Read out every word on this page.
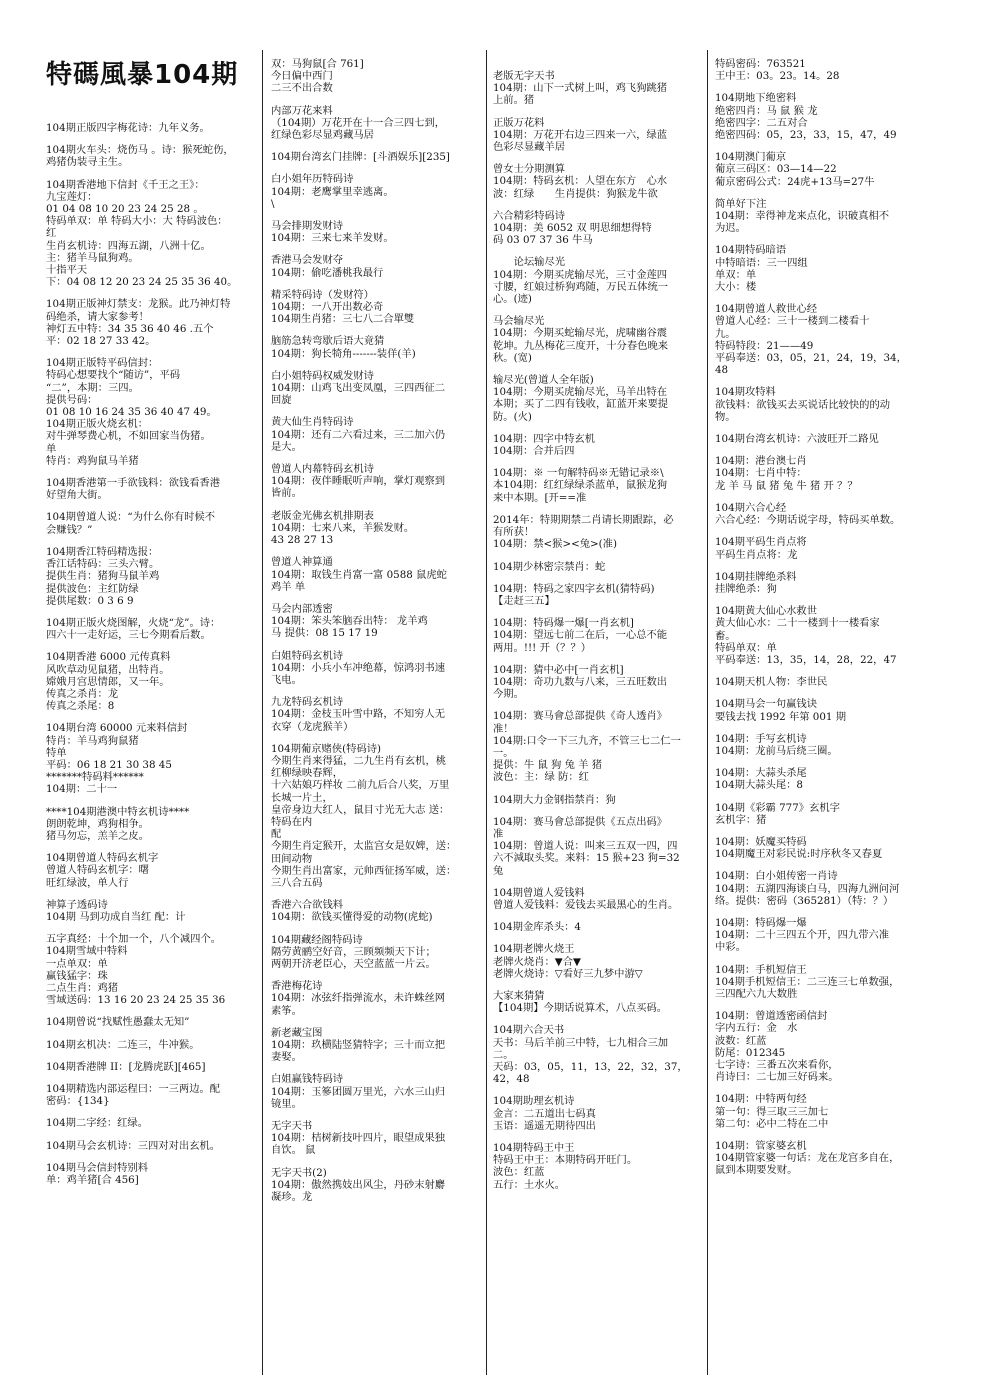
特碼風暴104期
104期正版四字梅花诗：九年义务。
104期火车头：烧伤马 。诗：猴死蛇伤，
鸡猪伪装寻主生。
104期香港地下信封《千王之王》：
九宝莲灯：
01 04 08 10 20 23 24 25 28 。
特码单双：单 特码大小：大 特码波色：
红
生肖玄机诗：四海五湖，八洲十亿。
主：猪羊马鼠狗鸡。
十指平天
下：04 08 12 20 23 24 25 35 36 40。
104期正版神灯禁支：龙猴。此乃神灯特
码绝杀，请大家参考！
神灯五中特：34 35 36 40 46 .五个
平：02 18 27 33 42。
104期正版特平码信封：
特码心想要找个“随访”，平码
“二”，本期：三四。
提供号码：
01 08 10 16 24 35 36 40 47 49。
104期正版火烧玄机：
对牛弹琴费心机，不如回家当伪猪。
单
特肖：鸡狗鼠马羊猪
104期香港第一手欲钱料：欲钱看香港
好望角大街。
104期曾道人说：“为什么你有时候不
会赚钱？”
104期香江特码精选报：
香江话特码：三头六臂。
提供生肖：猪狗马鼠羊鸡
提供波色：主红防绿
提供尾数：0 3 6 9
104期正版火烧图解，火烧“龙”。诗：
四六十一走好运，三七今期看后数。
104期香港 6000 元传真料
风吹草动见鼠猪，出特肖。
嫦娥月宫思情郎，又一年。
传真之杀肖：龙
传真之杀尾：8
104期台湾 60000 元来料信封
特肖：羊马鸡狗鼠猪
特单
平码：06 18 21 30 38 45
*******特码料******
104期：二十一
****104期港澳中特玄机诗****
朗朗乾坤，鸡狗相争。
猪马勿忘，羔羊之皮。
104期曾道人特码玄机字
曾道人特码玄机字：曙
旺红绿波，单人行
神算子透码诗
104期 马到功成自当红 配：计
五字真经：十个加一个，八个减四个。
104期雪域中特料
一点单双：单
赢钱猛字：珠
二点生肖：鸡猪
雪域送码：13 16 20 23 24 25 35 36
104期曾说“找赋性愚蠢太无知”
104期玄机决：二连三，牛冲猴。
104期香港牌 II：[龙腾虎跃][465]
104期精选内部运程曰：一三两边。配
密码：{134}
104期二字经：红绿。
104期马会玄机诗：三四对对出玄机。
104期马会信封特别料
单：鸡羊猪[合 456]
双：马狗鼠[合 761]
今日偏中西门
二三不出合数
内部万花来料
（104期）万花开在十一合三四七到，
红绿色彩尽显鸡藏马居
104期台湾玄门挂牌：[斗酒娱乐][235]
白小姐年历特码诗
104期：老鹰掌里幸逃离。
\
马会排期发财诗
104期：三来七来羊发财。
香港马会发财夺
104期：偷吃潘桃我最行
精采特码诗（发财符）
104期：一八开出数必奇
104期生肖猪：三七八二合單雙
脑筋急转弯歇后语大竟猜
104期：狗长犄角-------装佯(羊)
白小姐特码权威发财诗
104期：山鸡飞出变凤凰，三四西征二
回旋
黄大仙生肖特码诗
104期：还有二六看过来，三二加六仍
是大。
曾道人内幕特码玄机诗
104期：夜伴睡眠听声响，掌灯观察到
皆前。
老版金光佛玄机排期表
104期：七来八来，羊猴发财。
43 28 27 13
曾道人神算通
104期：取钱生肖富一富 0588 鼠虎蛇
鸡羊 单
马会内部透密
104期：笨头笨脑吞出特： 龙羊鸡
马 提供：08 15 17 19
白姐特码玄机诗
104期：小兵小车冲绝幕，惊鸿羽书速
飞电。
九龙特码玄机诗
104期：金枝玉叶雪中路，不知穷人无
衣穿（龙虎猴羊）
104期葡京赌侠(特码诗)
今期生肖来得猛，二九生肖有玄机，桃
红柳绿映春辉，
十六姑娘巧样妆 二前九后合八奖，万里
长城一片土，
皇帝身边大红人，鼠目寸光无大志 送：
特码在内
配
今期生肖定猴开，太监宫女是奴婢，送：
田间动物
今期生肖出富家，元帅西征扬军威，送：
三八合五码
香港六合欲钱料
104期：欲钱买懂得爱的动物(虎蛇)
104期藏经阁特码诗
隔劳黄鹂空好音，三顾频频天下计；
两朝开济老臣心，天空蓝蓝一片云。
香港梅花诗
104期：冰弦纤指弹流水，未许蛛丝网
素筝。
新老藏宝图
104期：玖横陆竖猜特字；三十而立把
妻娶。
白姐赢钱特码诗
104期：玉篸团圆万里光，六水三山归
镜里。
无字天书
104期：桔树新技叶四片，眼望成果独
自饮。 鼠
无字天书(2)
104期：傲然携妓出风尘，丹砂末射麝
凝珍。龙
老版无字天书
104期：山下一式树上叫，鸡飞狗跳猪
上前。猪
正版万花料
104期：万花开右边三四来一六，绿蓝
色彩尽显藏羊居
曾女士分期测算
104期：特码玄机：人望在东方　心水
波：红绿　　生肖提供：狗猴龙牛欲
六合精彩特码诗
104期：美 6052 双 明思细想得特
码 03 07 37 36 牛马
　　论坛输尽光
104期：今期买虎输尽光，三寸金莲四
寸腰，红娘过桥狗鸡随，万民五体统一
心。(迹)
马会输尽光
104期：今期买蛇输尽光，虎啸幽谷震
乾坤。九丛梅花三度开，十分春色晚来
秋。(宽)
输尽光(曾道人全年版)
104期：今期买虎输尽光，马羊出特在
本期；买了二四有钱收，缸蓝开来要提
防。(火)
104期：四字中特玄机
104期：合并后四
104期：※ 一句解特码※无错记录※\
本104期：红红绿绿杀蓝单，鼠猴龙狗
来中本期。[开==准
2014年：特期期禁二肖请长期跟踪，必
有所获！
104期：禁<猴><兔>(准)
104期少林密宗禁肖：蛇
104期：特码之家四字玄机(猜特码)
【走赶三五】
104期：特码爆一爆[一肖玄机]
104期：望远七前二在后，一心总不能
两用。!!! 开（？？）
104期：猜中必中[一肖玄机]
104期：奇功九数与八来，三五旺数出
今期。
104期：赛马會总部提供《奇人透肖》
准！
104期:口令一下三九齐，不管三七二仁一
一。
提供：牛 鼠 狗 兔 羊 猪
波色：主：绿 防：红
104期大力金钢指禁肖：狗
104期：赛马會总部提供《五点出码》
准
104期：曾道人说：叫来三五双一四，四
六不減取头奖。来料：15 猴+23 狗=32
兔
104期曾道人爱钱料
曾道人爱钱料：爱钱去买最黑心的生肖。
104期金库杀头：4
104期老牌火烧王
老牌火烧肖：▼合▼
老牌火烧诗：▽看好三九梦中游▽
大家来猜猜
【104期】今期话说算术，八点买码。
104期六合天书
天书：马后羊前三中特，七九相合三加
二。
天码：03，05，11，13，22，32，37，
42，48
104期助理玄机诗
金言：二五道出七码真
玉语：遥遥无期待四出
104期特码王中王
特码王中王：本期特码开旺门。
波色：红蓝
五行：土水火。
特码密码：763521
王中王：03。23。14。28
104期地下绝密料
绝密四肖：马 鼠 猴 龙
绝密四字：二五对合
绝密四码：05，23，33，15，47，49
104期澳门葡京
葡京三码区：03—14—22
葡京密码公式：24虎+13马=27牛
简单好下注
104期：幸得神龙来点化，识破真相不
为迟。
104期特码暗语
中特暗语：三一四组
单双：单
大小：楼
104期曾道人救世心经
曾道人心经：三十一楼到二楼看十
九。
特码特段：21——49
平码奉送：03，05，21，24，19，34，
48
104期攻特料
欲钱料：欲钱买去买说话比较快的的动
物。
104期台湾玄机诗：六波旺开二路见
104期：港台澳七肖
104期：七肖中特：
龙 羊 马 鼠 猪 兔 牛 猪 开 ？？
104期六合心经
六合心经：今期话说字母，特码买单数。
104期平码生肖点将
平码生肖点将：龙
104期挂牌绝杀料
挂牌绝杀：狗
104期黄大仙心水救世
黄大仙心水：二十一楼到十一楼看家
畜。
特码单双：单
平码奉送：13，35，14，28，22，47
104期天机人物：李世民
104期马会一句赢钱诀
要钱去找 1992 年第 001 期
104期：手写玄机诗
104期：龙前马后绕三圈。
104期：大蒜头杀尾
104期大蒜头尾：8
104期《彩霸 777》玄机字
玄机字：猪
104期：妖魔买特码
104期魔王对彩民说:时序秋冬又春夏
104期：白小姐传密一肖诗
104期：五湖四海谈白马，四海九洲问河
络。提供：密码（365281）（特：？）
104期：特码爆一爆
104期：二十三四五个开，四九带六准
中彩。
104期：手机短信王
104期手机短信王：二三连三七单数强，
三四配六九大数胜
104期：曾道透密函信封
字内五行：金　水
波数：红蓝
防尾：012345
七字诗：三番五次来看你，
肖诗曰：二七加三好码来。
104期：中特两句经
第一句：得三取三三加七
第二句：必中二特在二中
104期：管家婆玄机
104期管家婆一句话：龙在龙宫多自在，
鼠到本期要发财。
